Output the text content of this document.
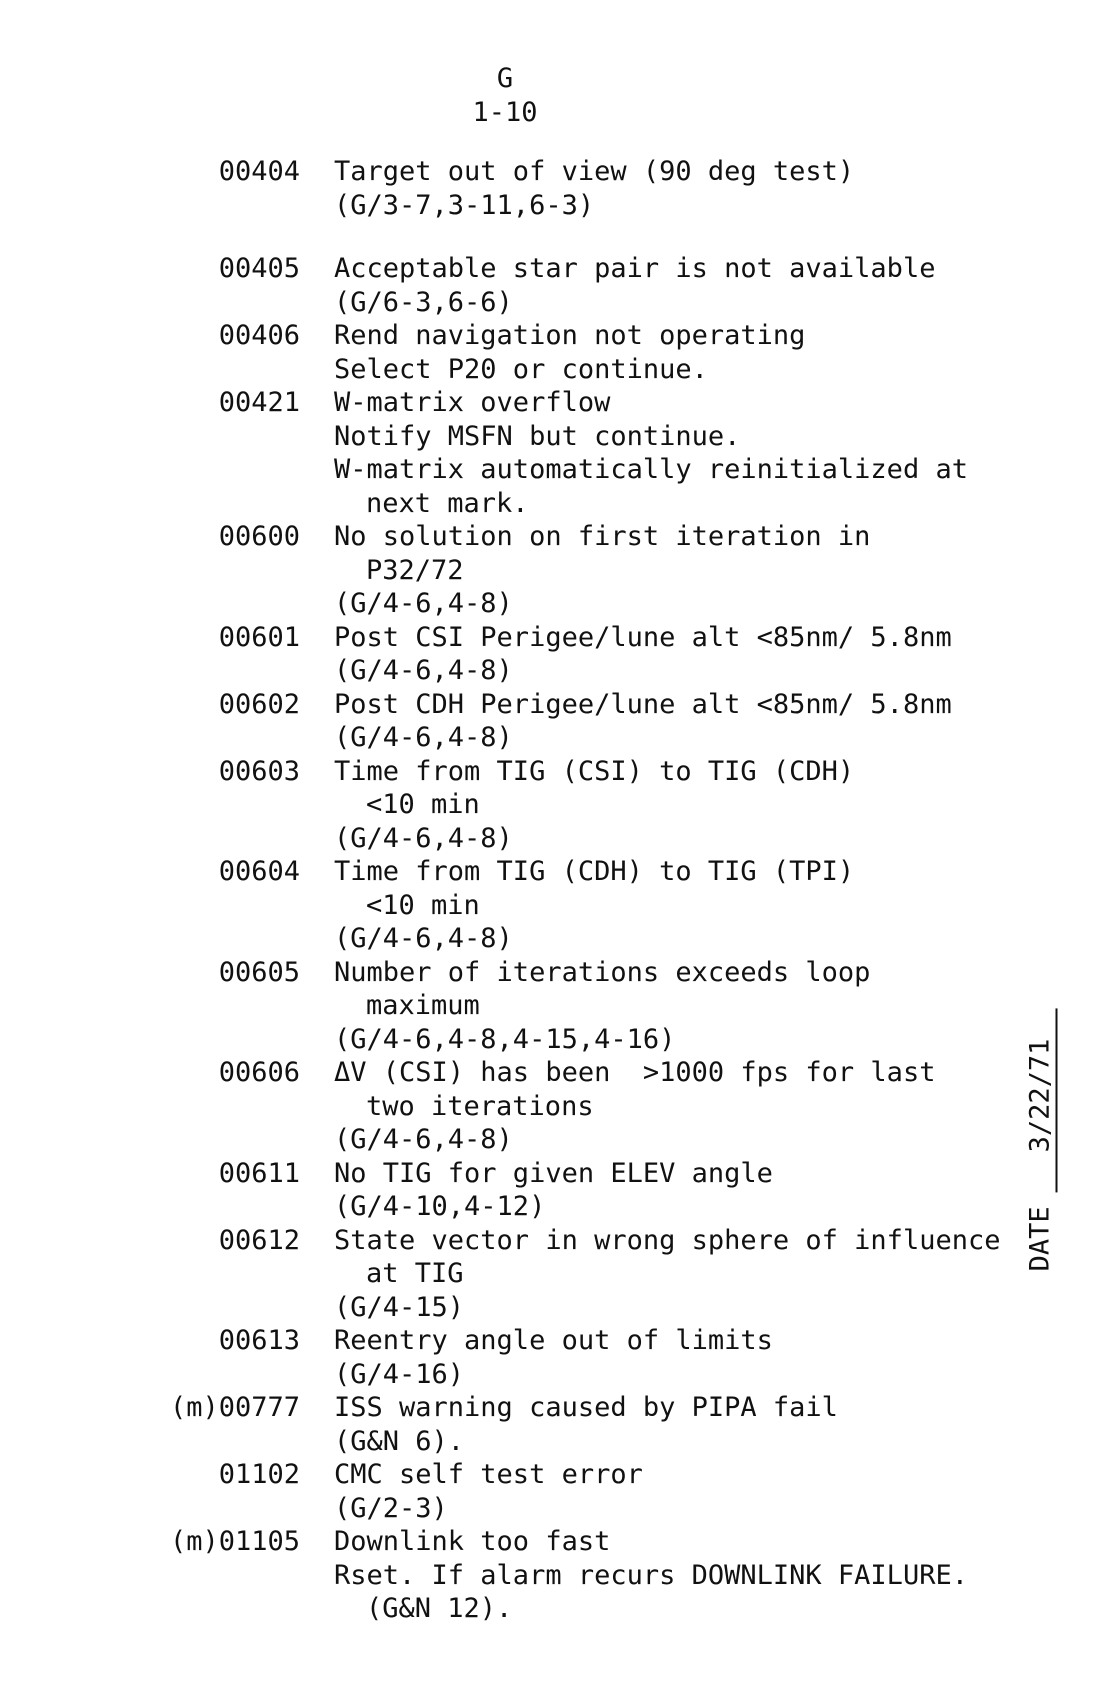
G
1-10
00404	Target out of view (90 deg test)
(G/3-7,3-11,6-3)
00405	Acceptable star pair is not available
(G/6-3,6-6)
00406	Rend navigation not operating
Select P20 or continue.
00421	W-matrix overflow
Notify MSFN but continue.
W-matrix automatically reinitialized at
next mark.
00600	No solution on first iteration in
P32/72
(G/4-6,4-8)
00601	Post CSI Perigee/lune alt <85nm/ 5.8nm
(G/4-6,4-8)
00602	Post CDH Perigee/lune alt <85nm/ 5.8nm
(G/4-6,4-8)
00603	Time from TIG (CSI) to TIG (CDH)
<10 min
(G/4-6,4-8)
00604	Time from TIG (CDH) to TIG (TPI)
<10 min
(G/4-6,4-8)
00605	Number of iterations exceeds loop
maximum
(G/4-6,4-8,4-15,4-16)
00606	ΔV (CSI) has been  >1000 fps for last
two iterations
(G/4-6,4-8)
00611	No TIG for given ELEV angle
(G/4-10,4-12)
00612	State vector in wrong sphere of influence
at TIG
(G/4-15)
00613	Reentry angle out of limits
(G/4-16)
(m)00777	ISS warning caused by PIPA fail
(G&N 6).
01102	CMC self test error
(G/2-3)
(m)01105	Downlink too fast
Rset. If alarm recurs DOWNLINK FAILURE.
(G&N 12).
DATE3/22/71
